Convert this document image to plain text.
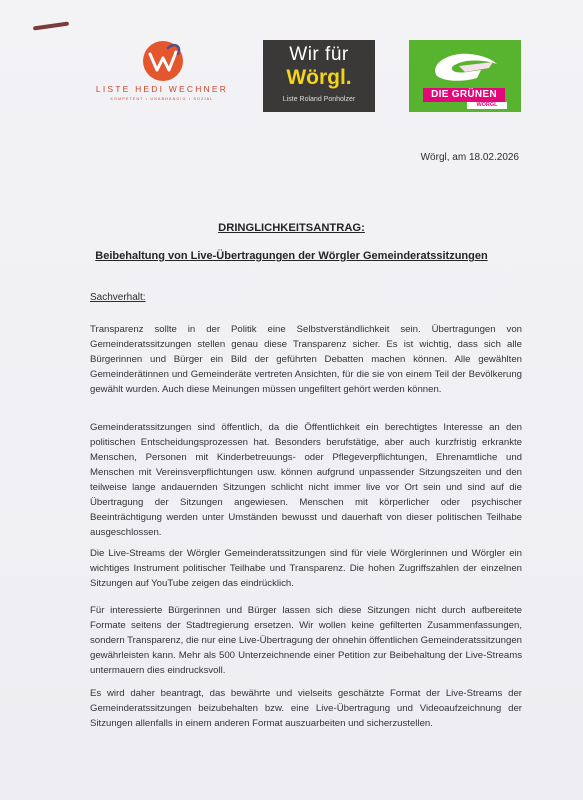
LISTE HEDI WECHNER
KOMPETENT • UNABHÄNGIG • SOZIAL
Wir für
Wörgl.
Liste Roland Ponholzer	DIE GRÜNEN
WÖRGL
Wörgl, am 18.02.2026
DRINGLICHKEITSANTRAG:
Beibehaltung von Live-Übertragungen der Wörgler Gemeinderatssitzungen
Sachverhalt:

Transparenz sollte in der Politik eine Selbstverständlichkeit sein. Übertragungen von Gemeinderatssitzungen stellen genau diese Transparenz sicher. Es ist wichtig, dass sich alle Bürgerinnen und Bürger ein Bild der geführten Debatten machen können. Alle gewählten Gemeinderätinnen und Gemeinderäte vertreten Ansichten, für die sie von einem Teil der Bevölkerung gewählt wurden. Auch diese Meinungen müssen ungefiltert gehört werden können.

Gemeinderatssitzungen sind öffentlich, da die Öffentlichkeit ein berechtigtes Interesse an den politischen Entscheidungsprozessen hat. Besonders berufstätige, aber auch kurzfristig erkrankte Menschen, Personen mit Kinderbetreuungs- oder Pflegeverpflichtungen, Ehrenamtliche und Menschen mit Vereinsverpflichtungen usw. können aufgrund unpassender Sitzungszeiten und den teilweise lange andauernden Sitzungen schlicht nicht immer live vor Ort sein und sind auf die Übertragung der Sitzungen angewiesen. Menschen mit körperlicher oder psychischer Beeinträchtigung werden unter Umständen bewusst und dauerhaft von dieser politischen Teilhabe ausgeschlossen.

Die Live-Streams der Wörgler Gemeinderatssitzungen sind für viele Wörglerinnen und Wörgler ein wichtiges Instrument politischer Teilhabe und Transparenz. Die hohen Zugriffszahlen der einzelnen Sitzungen auf YouTube zeigen das eindrücklich.

Für interessierte Bürgerinnen und Bürger lassen sich diese Sitzungen nicht durch aufbereitete Formate seitens der Stadtregierung ersetzen. Wir wollen keine gefilterten Zusammenfassungen, sondern Transparenz, die nur eine Live-Übertragung der ohnehin öffentlichen Gemeinderatssitzungen gewährleisten kann. Mehr als 500 Unterzeichnende einer Petition zur Beibehaltung der Live-Streams untermauern dies eindrucksvoll.

Es wird daher beantragt, das bewährte und vielseits geschätzte Format der Live-Streams der Gemeinderatssitzungen beizubehalten bzw. eine Live-Übertragung und Videoaufzeichnung der Sitzungen allenfalls in einem anderen Format auszuarbeiten und sicherzustellen.
